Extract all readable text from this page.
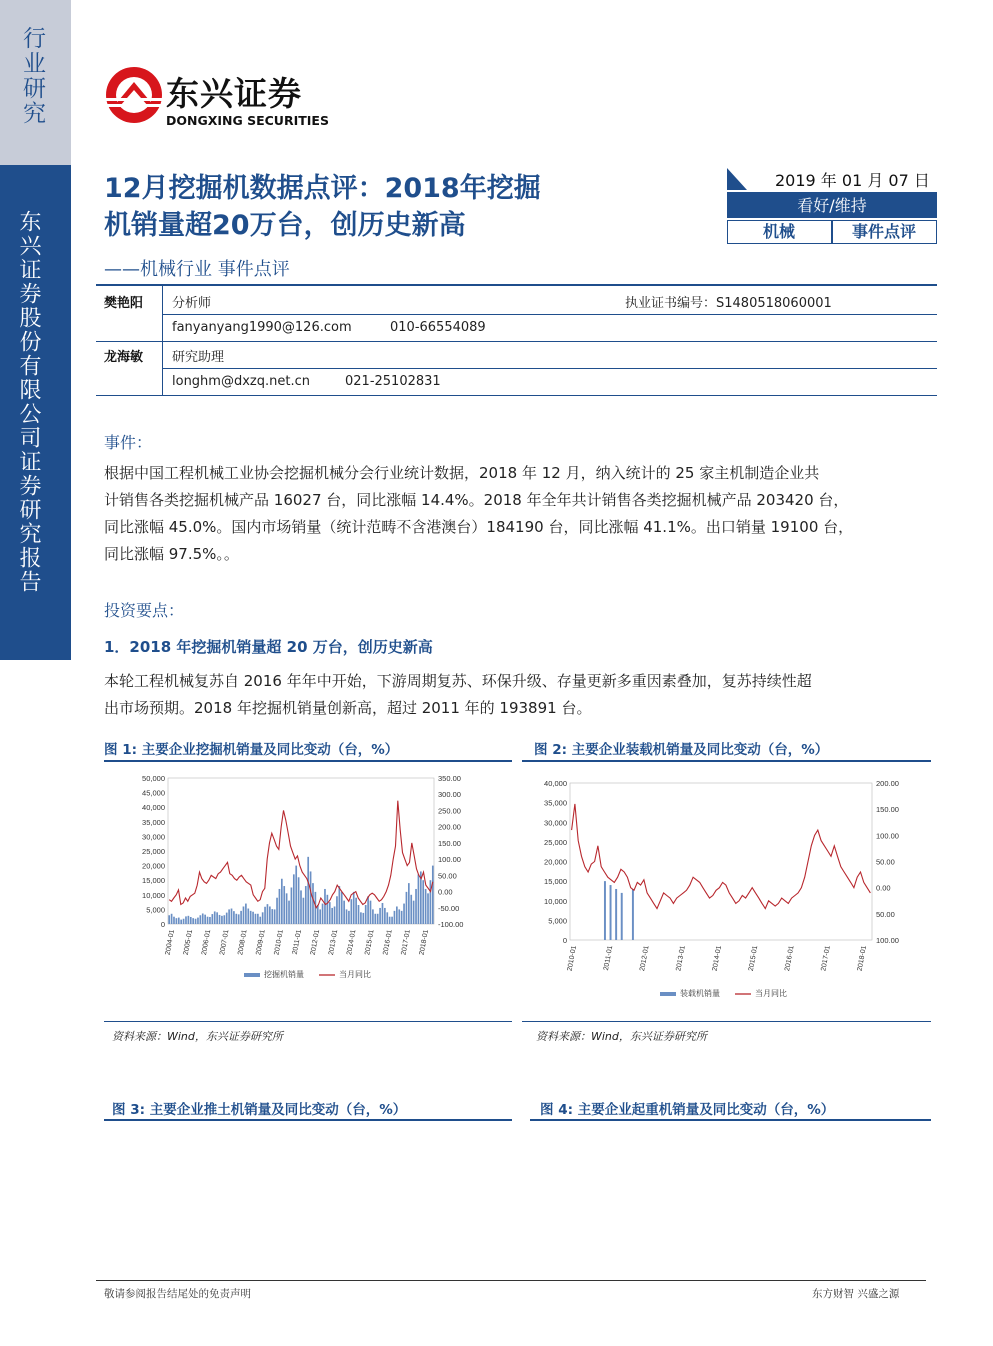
行业研究
东兴证券股份有限公司证券研究报告
东兴证券
DONGXING SECURITIES
12月挖掘机数据点评：2018年挖掘
机销量超20万台，创历史新高
——机械行业 事件点评
2019 年 01 月 07 日
看好/维持
机械	事件点评
樊艳阳 分析师	执业证书编号：S1480518060001
fanyanyang1990@126.com	010-66554089
龙海敏 研究助理
longhm@dxzq.net.cn	021-25102831
事件：
根据中国工程机械工业协会挖掘机械分会行业统计数据，2018 年 12 月，纳入统计的 25 家主机制造企业共
计销售各类挖掘机械产品 16027 台，同比涨幅 14.4%。2018 年全年共计销售各类挖掘机械产品 203420 台，
同比涨幅 45.0%。国内市场销量（统计范畴不含港澳台）184190 台，同比涨幅 41.1%。出口销量 19100 台，
同比涨幅 97.5%。。
投资要点：
1．2018 年挖掘机销量超 20 万台，创历史新高
本轮工程机械复苏自 2016 年年中开始，下游周期复苏、环保升级、存量更新多重因素叠加，复苏持续性超
出市场预期。2018 年挖掘机销量创新高，超过 2011 年的 193891 台。
图 1: 主要企业挖掘机销量及同比变动（台，%）	图 2: 主要企业装载机销量及同比变动（台，%）
50,000
45,000
40,000
35,000
30,000
25,000
20,000
15,000
10,000
5,000
0
350.00
300.00
250.00
200.00
150.00
100.00
50.00
0.00
-50.00
-100.00
2004-01 2005-01 2006-01 2007-01 2008-01 2009-01 2010-01 2011-01 2012-01 2013-01 2014-01 2015-01 2016-01 2017-01 2018-01
挖掘机销量	当月同比
40,000
35,000
30,000
25,000
20,000
15,000
10,000
5,000
0
200.00
150.00
100.00
50.00
0.00
50.00
100.00
2010-01	2011-01	2012-01	2013-01	2014-01	2015-01	2016-01	2017-01	2018-01
装载机销量	当月同比
资料来源：Wind，东兴证券研究所	资料来源：Wind，东兴证券研究所
图 3: 主要企业推土机销量及同比变动（台，%）	图 4: 主要企业起重机销量及同比变动（台，%）
敬请参阅报告结尾处的免责声明	东方财智 兴盛之源
